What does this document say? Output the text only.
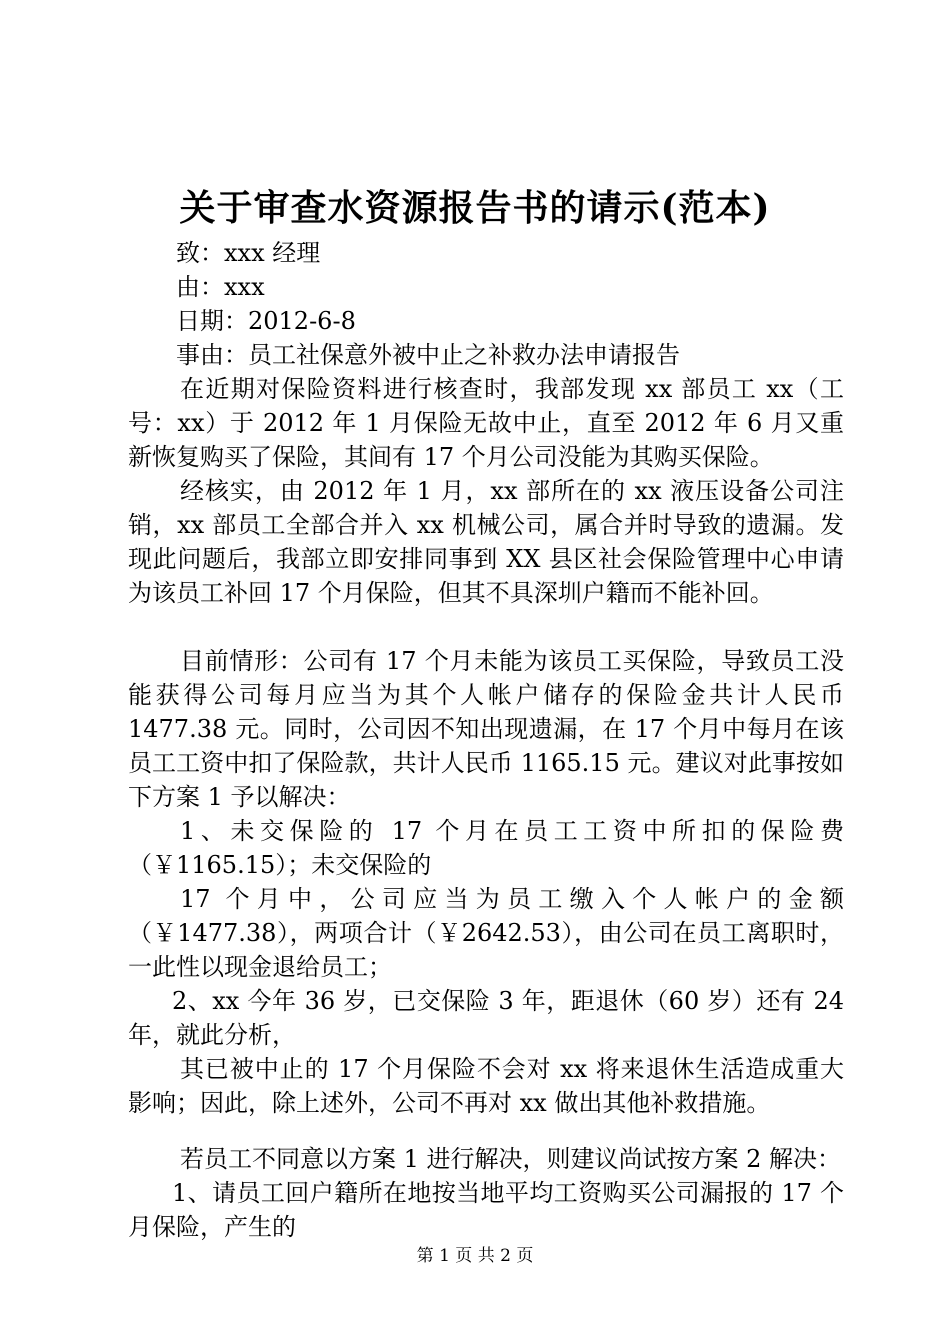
关于审查水资源报告书的请示(范本)

致：xxx 经理

由：xxx

日期：2012-6-8

事由：员工社保意外被中止之补救办法申请报告

在近期对保险资料进行核查时，我部发现 xx 部员工 xx（工号：xx）于 2012 年 1 月保险无故中止，直至 2012 年 6 月又重新恢复购买了保险，其间有 17 个月公司没能为其购买保险。

经核实，由 2012 年 1 月，xx 部所在的 xx 液压设备公司注销，xx 部员工全部合并入 xx 机械公司，属合并时导致的遗漏。发现此问题后，我部立即安排同事到 XX 县区社会保险管理中心申请为该员工补回 17 个月保险，但其不具深圳户籍而不能补回。

目前情形：公司有 17 个月未能为该员工买保险，导致员工没能获得公司每月应当为其个人帐户储存的保险金共计人民币 1477.38 元。同时，公司因不知出现遗漏，在 17 个月中每月在该员工工资中扣了保险款，共计人民币 1165.15 元。建议对此事按如下方案 1 予以解决：

1、未交保险的 17 个月在员工工资中所扣的保险费（￥1165.15）；未交保险的

17 个月中，公司应当为员工缴入个人帐户的金额（￥1477.38），两项合计（￥2642.53），由公司在员工离职时，一此性以现金退给员工；

2、xx 今年 36 岁，已交保险 3 年，距退休（60 岁）还有 24 年，就此分析，

其已被中止的 17 个月保险不会对 xx 将来退休生活造成重大影响；因此，除上述外，公司不再对 xx 做出其他补救措施。

若员工不同意以方案 1 进行解决，则建议尚试按方案 2 解决：

1、请员工回户籍所在地按当地平均工资购买公司漏报的 17 个月保险，产生的

第 1 页 共 2 页
